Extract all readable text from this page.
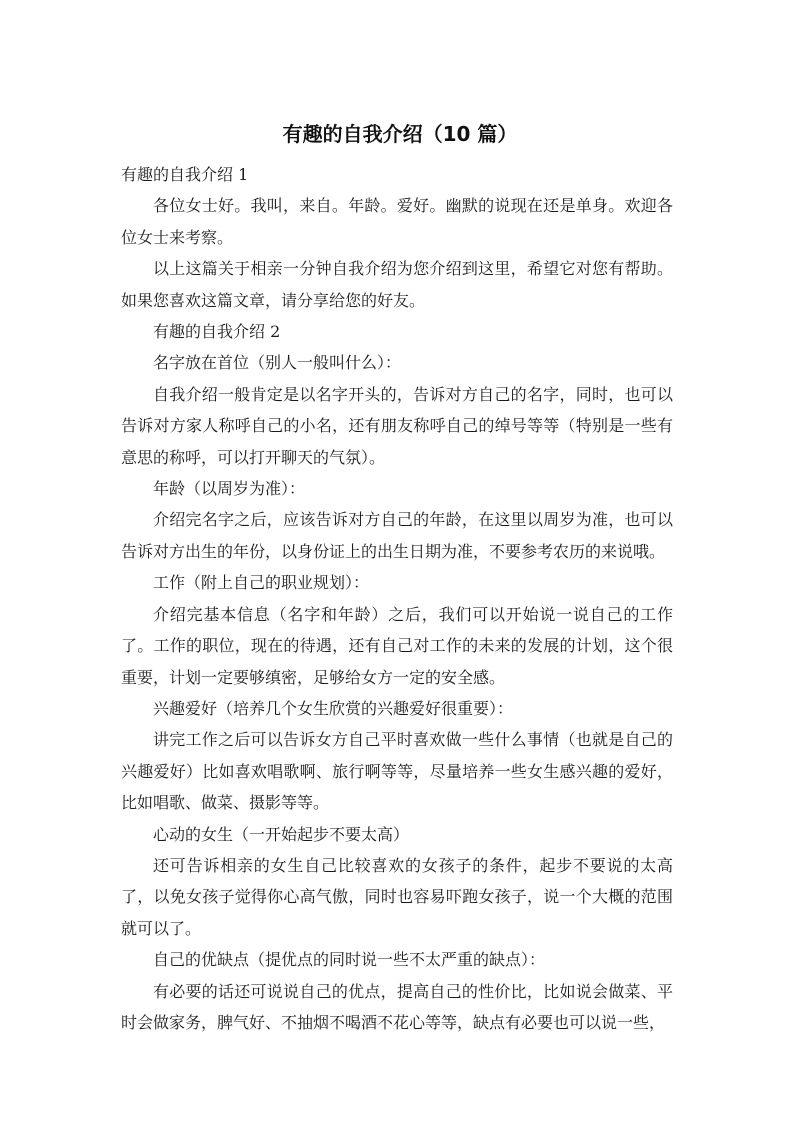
有趣的自我介绍（10 篇）

有趣的自我介绍 1

各位女士好。我叫，来自。年龄。爱好。幽默的说现在还是单身。欢迎各位女士来考察。

以上这篇关于相亲一分钟自我介绍为您介绍到这里，希望它对您有帮助。如果您喜欢这篇文章，请分享给您的好友。

有趣的自我介绍 2

名字放在首位（别人一般叫什么）：

自我介绍一般肯定是以名字开头的，告诉对方自己的名字，同时，也可以告诉对方家人称呼自己的小名，还有朋友称呼自己的绰号等等（特别是一些有意思的称呼，可以打开聊天的气氛）。

年龄（以周岁为准）：

介绍完名字之后，应该告诉对方自己的年龄，在这里以周岁为准，也可以告诉对方出生的年份，以身份证上的出生日期为准，不要参考农历的来说哦。

工作（附上自己的职业规划）：

介绍完基本信息（名字和年龄）之后，我们可以开始说一说自己的工作了。工作的职位，现在的待遇，还有自己对工作的未来的发展的计划，这个很重要，计划一定要够缜密，足够给女方一定的安全感。

兴趣爱好（培养几个女生欣赏的兴趣爱好很重要）：

讲完工作之后可以告诉女方自己平时喜欢做一些什么事情（也就是自己的兴趣爱好）比如喜欢唱歌啊、旅行啊等等，尽量培养一些女生感兴趣的爱好，比如唱歌、做菜、摄影等等。

心动的女生（一开始起步不要太高）

还可告诉相亲的女生自己比较喜欢的女孩子的条件，起步不要说的太高了，以免女孩子觉得你心高气傲，同时也容易吓跑女孩子，说一个大概的范围就可以了。

自己的优缺点（提优点的同时说一些不太严重的缺点）：

有必要的话还可说说自己的优点，提高自己的性价比，比如说会做菜、平时会做家务，脾气好、不抽烟不喝酒不花心等等，缺点有必要也可以说一些，
